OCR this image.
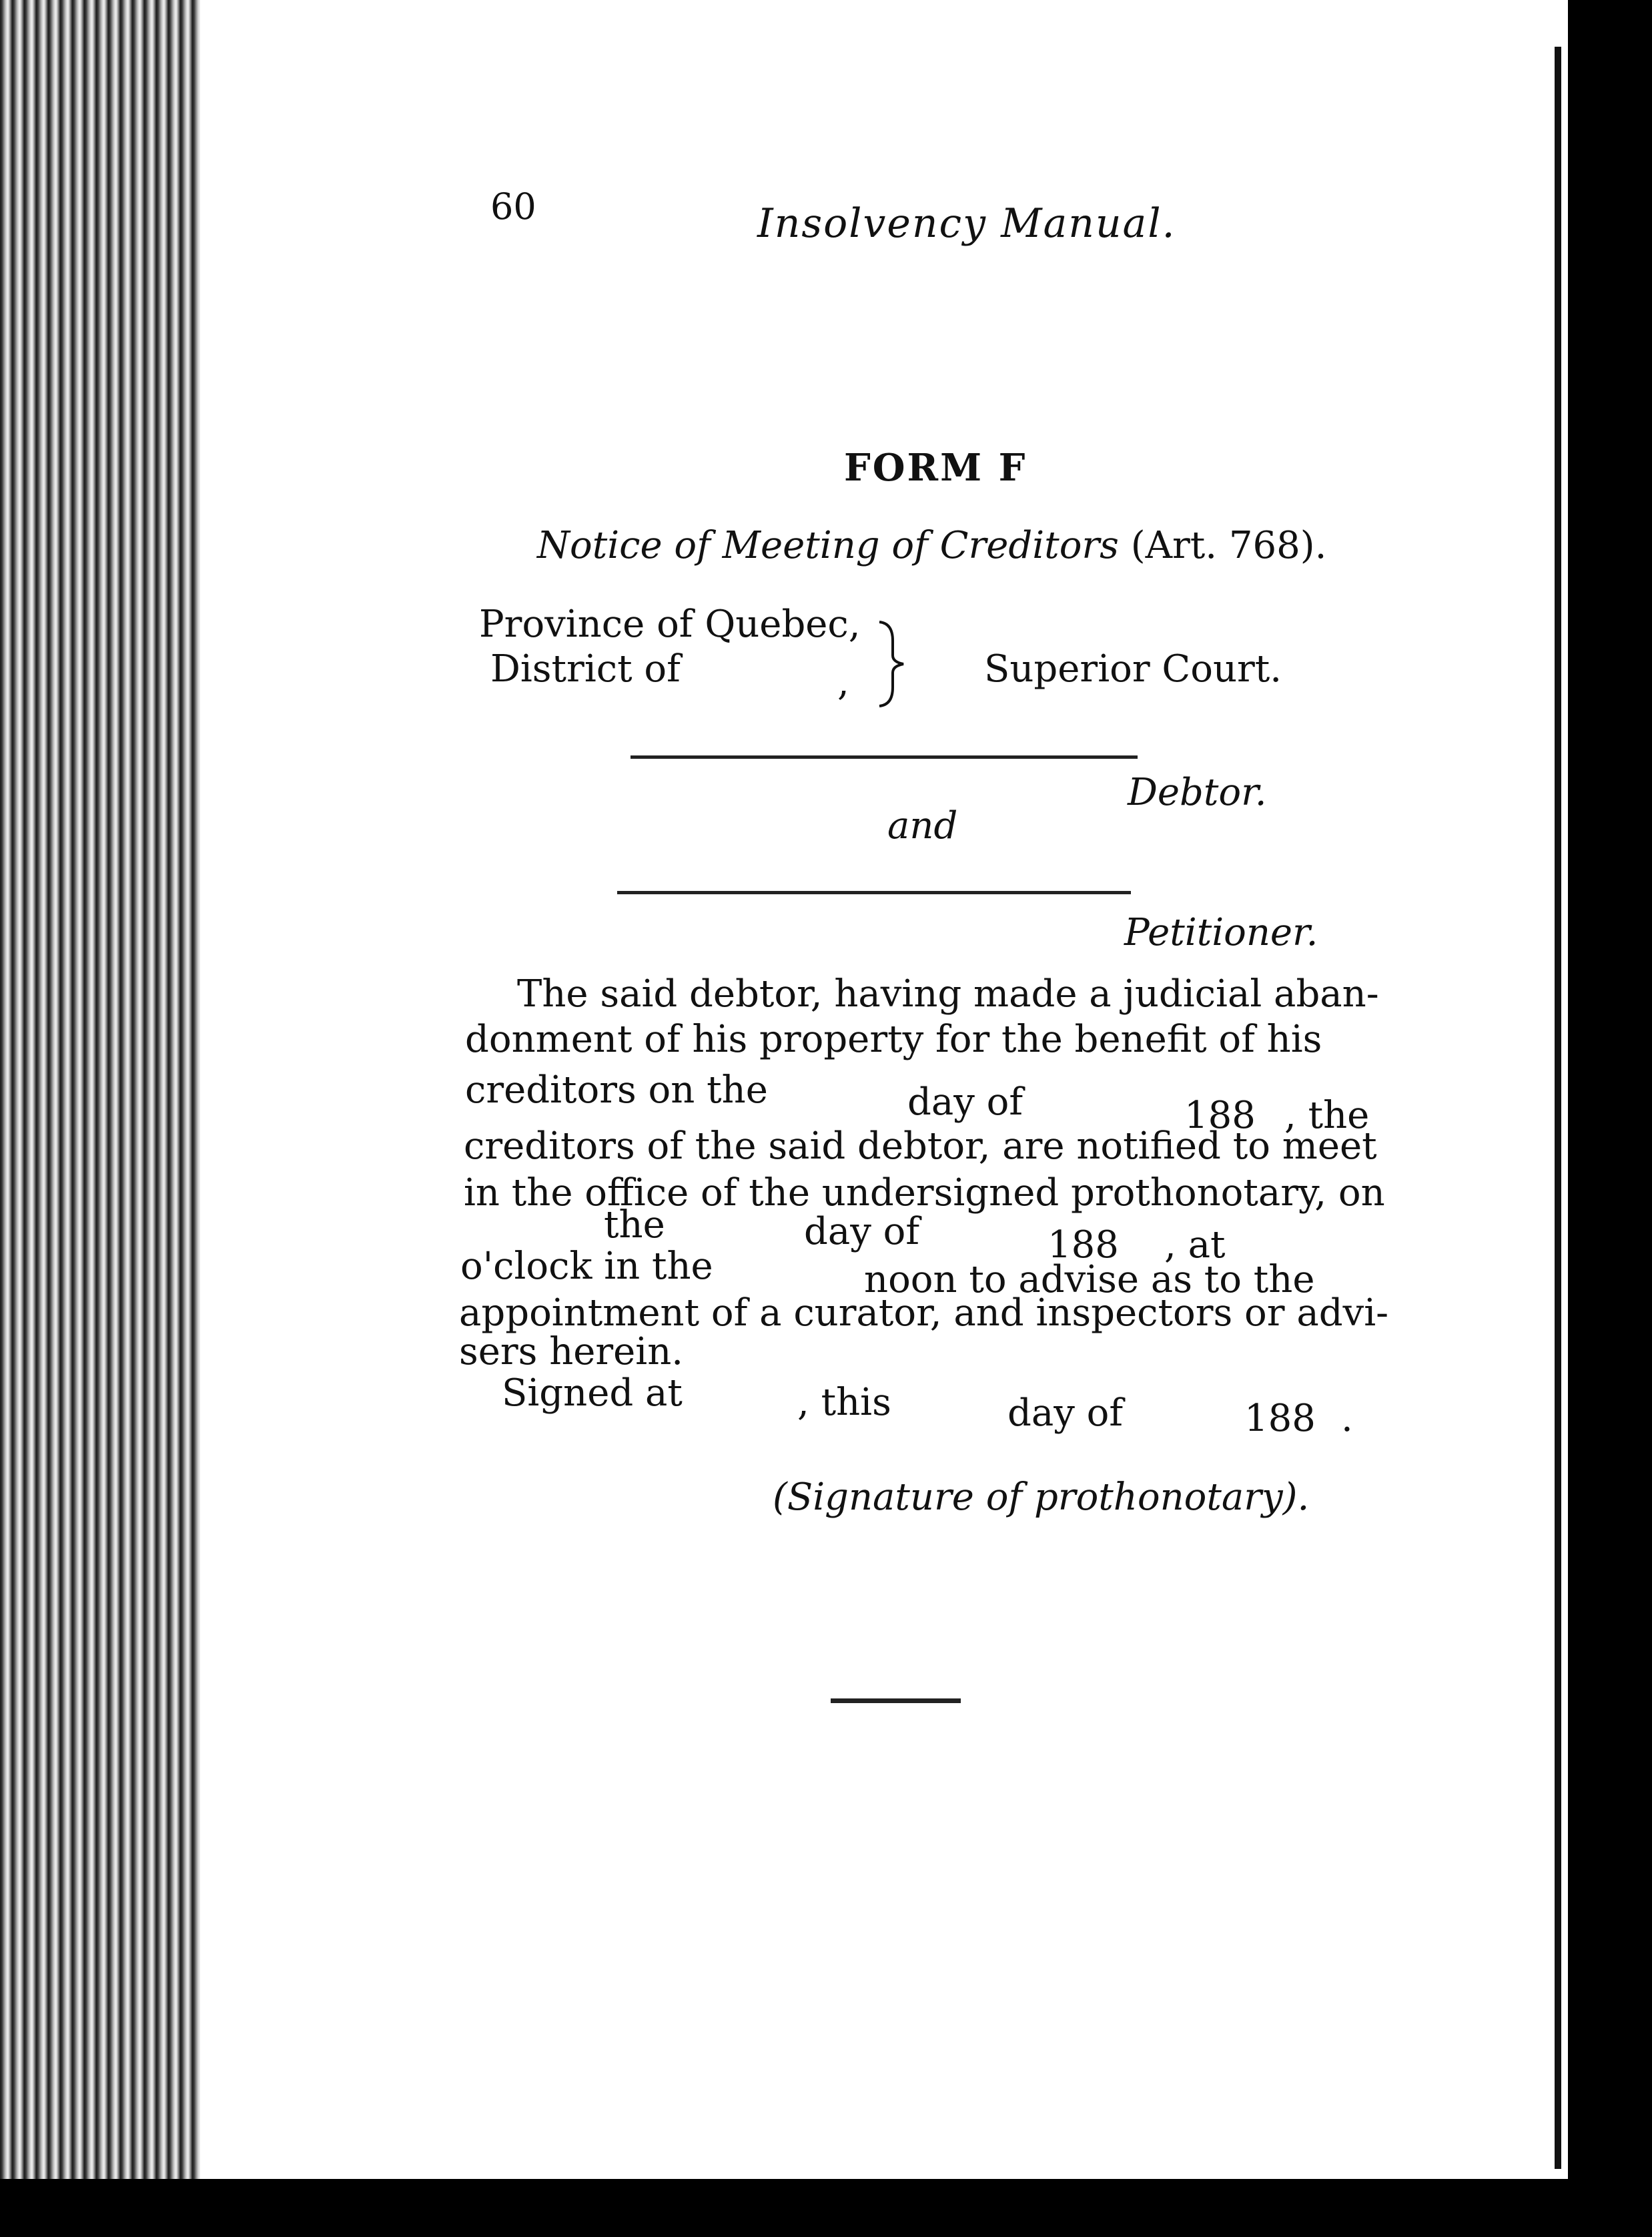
60	Insolvency Manual.
FORM F
Notice of Meeting of Creditors (Art. 768).
Province of Quebec,
District of	,	Superior Court.
Debtor.
and
Petitioner.
The said debtor, having made a judicial aban-
donment of his property for the benefit of his
creditors on the	day of	188 , the
creditors of the said debtor, are notified to meet
in the office of the undersigned prothonotary, on
the	day of	188 , at
o'clock in the	noon to advise as to the
appointment of a curator, and inspectors or advi-
sers herein.
Signed at	, this	day of	188 .
(Signature of prothonotary).
